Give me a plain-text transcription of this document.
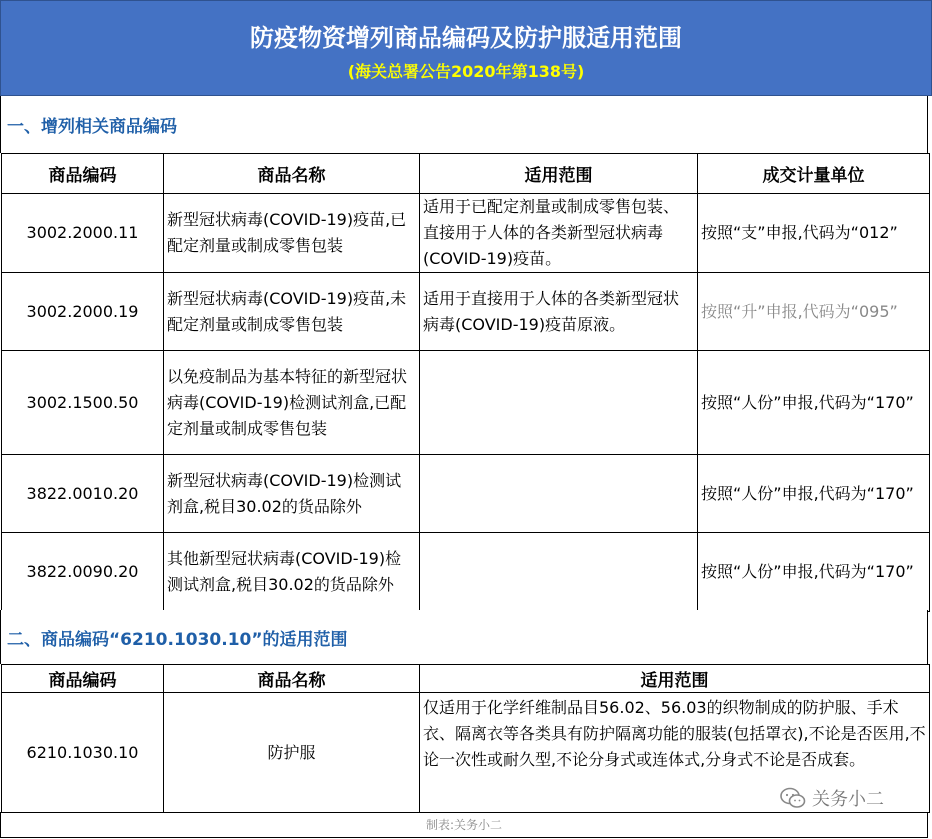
防疫物资增列商品编码及防护服适用范围
(海关总署公告2020年第138号)
一、增列相关商品编码
商品编码	商品名称	适用范围	成交计量单位
3002.2000.11	新型冠状病毒(COVID-19)疫苗,已配定剂量或制成零售包装	适用于已配定剂量或制成零售包装、直接用于人体的各类新型冠状病毒(COVID-19)疫苗。	按照“支”申报,代码为“012”
3002.2000.19	新型冠状病毒(COVID-19)疫苗,未配定剂量或制成零售包装	适用于直接用于人体的各类新型冠状病毒(COVID-19)疫苗原液。	按照“升”申报,代码为“095”
3002.1500.50	以免疫制品为基本特征的新型冠状病毒(COVID-19)检测试剂盒,已配定剂量或制成零售包装		按照“人份”申报,代码为“170”
3822.0010.20	新型冠状病毒(COVID-19)检测试剂盒,税目30.02的货品除外		按照“人份”申报,代码为“170”
3822.0090.20	其他新型冠状病毒(COVID-19)检测试剂盒,税目30.02的货品除外		按照“人份”申报,代码为“170”
二、商品编码“6210.1030.10”的适用范围
商品编码	商品名称	适用范围
6210.1030.10	防护服	仅适用于化学纤维制品目56.02、56.03的织物制成的防护服、手术衣、隔离衣等各类具有防护隔离功能的服装(包括罩衣),不论是否医用,不论一次性或耐久型,不论分身式或连体式,分身式不论是否成套。
制表:关务小二
关务小二
